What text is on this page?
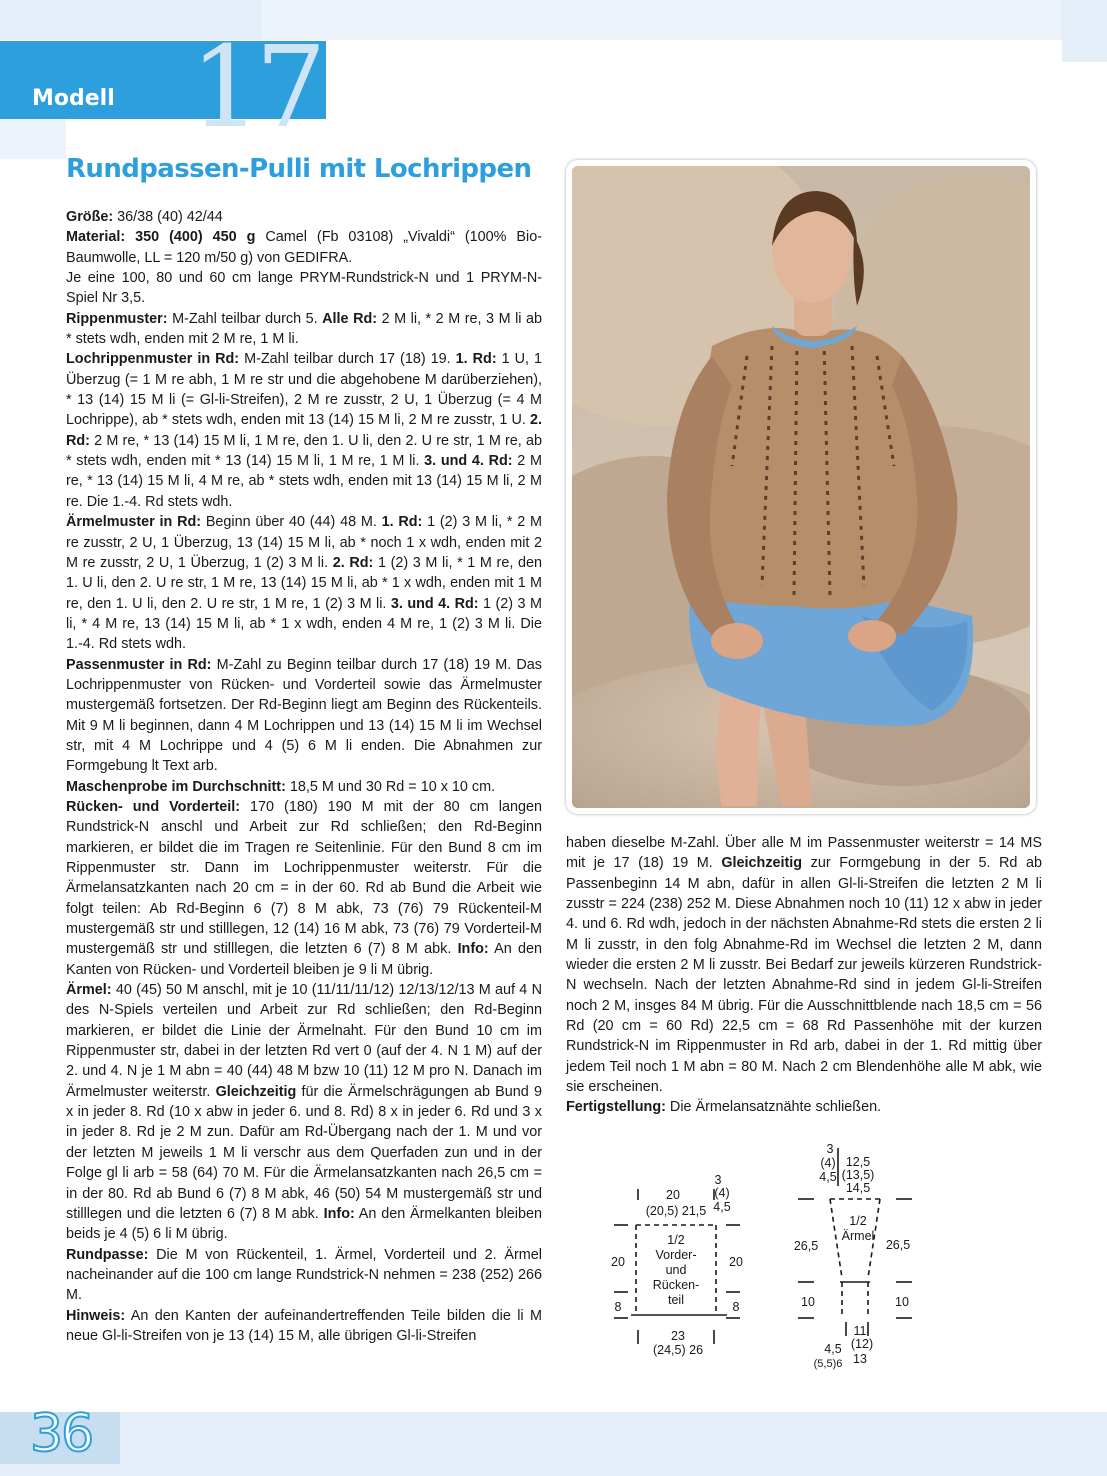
Modell 17
Rundpassen-Pulli mit Lochrippen

Größe: 36/38 (40) 42/44

Material: 350 (400) 450 g Camel (Fb 03108) „Vivaldi“ (100% Bio-Baumwolle, LL = 120 m/50 g) von GEDIFRA.

Je eine 100, 80 und 60 cm lange PRYM-Rundstrick-N und 1 PRYM-N-Spiel Nr 3,5.

Rippenmuster: M-Zahl teilbar durch 5. Alle Rd: 2 M li, * 2 M re, 3 M li ab * stets wdh, enden mit 2 M re, 1 M li.

Lochrippenmuster in Rd: M-Zahl teilbar durch 17 (18) 19. 1. Rd: 1 U, 1 Überzug (= 1 M re abh, 1 M re str und die abgehobene M darüberziehen), * 13 (14) 15 M li (= Gl-li-Streifen), 2 M re zusstr, 2 U, 1 Überzug (= 4 M Lochrippe), ab * stets wdh, enden mit 13 (14) 15 M li, 2 M re zusstr, 1 U. 2. Rd: 2 M re, * 13 (14) 15 M li, 1 M re, den 1. U li, den 2. U re str, 1 M re, ab * stets wdh, enden mit * 13 (14) 15 M li, 1 M re, 1 M li. 3. und 4. Rd: 2 M re, * 13 (14) 15 M li, 4 M re, ab * stets wdh, enden mit 13 (14) 15 M li, 2 M re. Die 1.-4. Rd stets wdh.

Ärmelmuster in Rd: Beginn über 40 (44) 48 M. 1. Rd: 1 (2) 3 M li, * 2 M re zusstr, 2 U, 1 Überzug, 13 (14) 15 M li, ab * noch 1 x wdh, enden mit 2 M re zusstr, 2 U, 1 Überzug, 1 (2) 3 M li. 2. Rd: 1 (2) 3 M li, * 1 M re, den 1. U li, den 2. U re str, 1 M re, 13 (14) 15 M li, ab * 1 x wdh, enden mit 1 M re, den 1. U li, den 2. U re str, 1 M re, 1 (2) 3 M li. 3. und 4. Rd: 1 (2) 3 M li, * 4 M re, 13 (14) 15 M li, ab * 1 x wdh, enden 4 M re, 1 (2) 3 M li. Die 1.-4. Rd stets wdh.

Passenmuster in Rd: M-Zahl zu Beginn teilbar durch 17 (18) 19 M. Das Lochrippenmuster von Rücken- und Vorderteil sowie das Ärmelmuster mustergemäß fortsetzen. Der Rd-Beginn liegt am Beginn des Rückenteils. Mit 9 M li beginnen, dann 4 M Lochrippen und 13 (14) 15 M li im Wechsel str, mit 4 M Lochrippe und 4 (5) 6 M li enden. Die Abnahmen zur Formgebung lt Text arb.

Maschenprobe im Durchschnitt: 18,5 M und 30 Rd = 10 x 10 cm.

Rücken- und Vorderteil: 170 (180) 190 M mit der 80 cm langen Rundstrick-N anschl und Arbeit zur Rd schließen; den Rd-Beginn markieren, er bildet die im Tragen re Seitenlinie. Für den Bund 8 cm im Rippenmuster str. Dann im Lochrippenmuster weiterstr. Für die Ärmelansatzkanten nach 20 cm = in der 60. Rd ab Bund die Arbeit wie folgt teilen: Ab Rd-Beginn 6 (7) 8 M abk, 73 (76) 79 Rückenteil-M mustergemäß str und stilllegen, 12 (14) 16 M abk, 73 (76) 79 Vorderteil-M mustergemäß str und stilllegen, die letzten 6 (7) 8 M abk. Info: An den Kanten von Rücken- und Vorderteil bleiben je 9 li M übrig.

Ärmel: 40 (45) 50 M anschl, mit je 10 (11/11/11/12) 12/13/12/13 M auf 4 N des N-Spiels verteilen und Arbeit zur Rd schließen; den Rd-Beginn markieren, er bildet die Linie der Ärmelnaht. Für den Bund 10 cm im Rippenmuster str, dabei in der letzten Rd vert 0 (auf der 4. N 1 M) auf der 2. und 4. N je 1 M abn = 40 (44) 48 M bzw 10 (11) 12 M pro N. Danach im Ärmelmuster weiterstr. Gleichzeitig für die Ärmelschrägungen ab Bund 9 x in jeder 8. Rd (10 x abw in jeder 6. und 8. Rd) 8 x in jeder 6. Rd und 3 x in jeder 8. Rd je 2 M zun. Dafür am Rd-Übergang nach der 1. M und vor der letzten M jeweils 1 M li verschr aus dem Querfaden zun und in der Folge gl li arb = 58 (64) 70 M. Für die Ärmelansatzkanten nach 26,5 cm = in der 80. Rd ab Bund 6 (7) 8 M abk, 46 (50) 54 M mustergemäß str und stilllegen und die letzten 6 (7) 8 M abk. Info: An den Ärmelkanten bleiben beids je 4 (5) 6 li M übrig.

Rundpasse: Die M von Rückenteil, 1. Ärmel, Vorderteil und 2. Ärmel nacheinander auf die 100 cm lange Rundstrick-N nehmen = 238 (252) 266 M.

Hinweis: An den Kanten der aufeinandertreffenden Teile bilden die li M neue Gl-li-Streifen von je 13 (14) 15 M, alle übrigen Gl-li-Streifen

haben dieselbe M-Zahl. Über alle M im Passenmuster weiterstr = 14 MS mit je 17 (18) 19 M. Gleichzeitig zur Formgebung in der 5. Rd ab Passenbeginn 14 M abn, dafür in allen Gl-li-Streifen die letzten 2 M li zusstr = 224 (238) 252 M. Diese Abnahmen noch 10 (11) 12 x abw in jeder 4. und 6. Rd wdh, jedoch in der nächsten Abnahme-Rd stets die ersten 2 li M li zusstr, in den folg Abnahme-Rd im Wechsel die letzten 2 M, dann wieder die ersten 2 M li zusstr. Bei Bedarf zur jeweils kürzeren Rundstrick-N wechseln. Nach der letzten Abnahme-Rd sind in jedem Gl-li-Streifen noch 2 M, insges 84 M übrig. Für die Ausschnittblende nach 18,5 cm = 56 Rd (20 cm = 60 Rd) 22,5 cm = 68 Rd Passenhöhe mit der kurzen Rundstrick-N im Rippenmuster in Rd arb, dabei in der 1. Rd mittig über jedem Teil noch 1 M abn = 80 M. Nach 2 cm Blendenhöhe alle M abk, wie sie erscheinen.

Fertigstellung: Die Ärmelansatznähte schließen.

20
(20,5) 21,5
3
(4)
4,5
1/2
Vorder-
und
Rücken-
teil
20	20
8	8
23
(24,5) 26
3
(4)
4,5
12,5
(13,5)
14,5
1/2
Ärmel
26,5	26,5
10	10
11
(12)
13
4,5
(5,5)6
36
